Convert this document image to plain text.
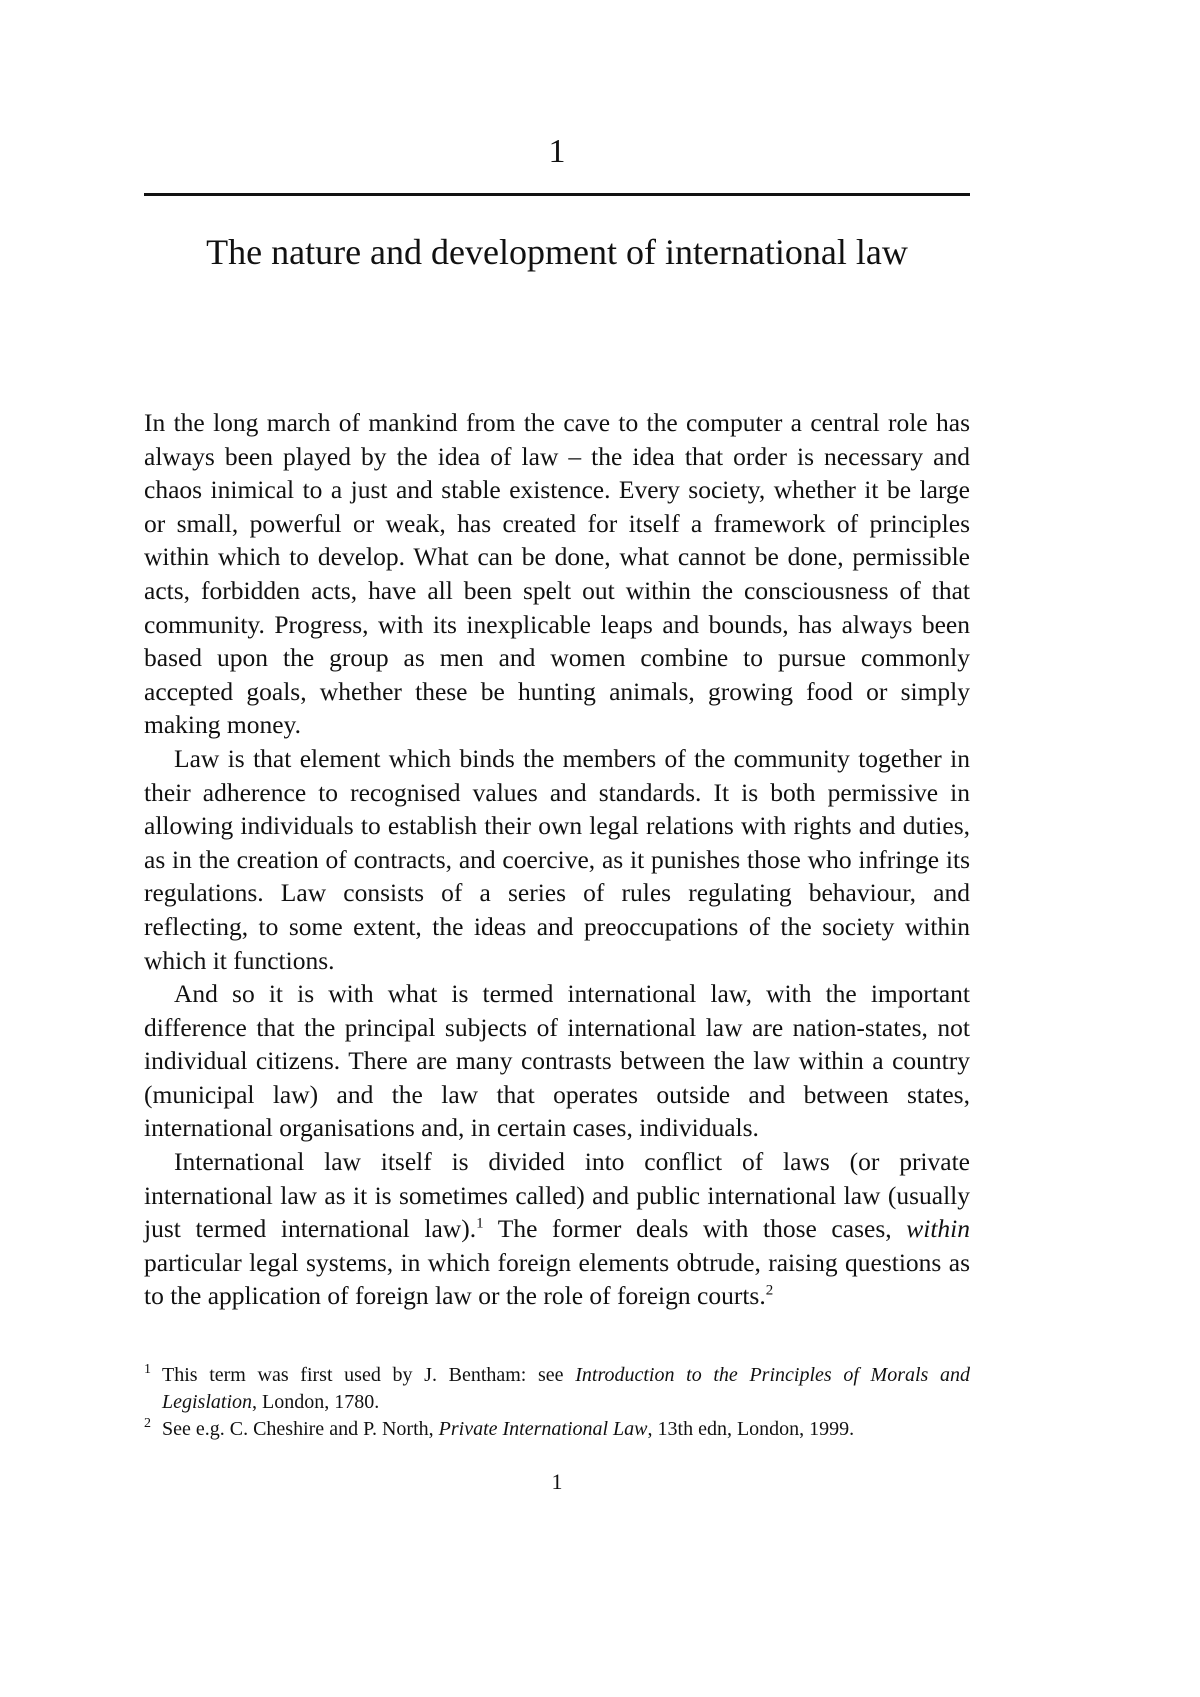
1
The nature and development of international law

In the long march of mankind from the cave to the computer a central role has always been played by the idea of law – the idea that order is necessary and chaos inimical to a just and stable existence. Every society, whether it be large or small, powerful or weak, has created for itself a framework of principles within which to develop. What can be done, what cannot be done, permissible acts, forbidden acts, have all been spelt out within the consciousness of that community. Progress, with its inexplicable leaps and bounds, has always been based upon the group as men and women combine to pursue commonly accepted goals, whether these be hunting animals, growing food or simply making money.

Law is that element which binds the members of the community together in their adherence to recognised values and standards. It is both permissive in allowing individuals to establish their own legal relations with rights and duties, as in the creation of contracts, and coercive, as it punishes those who infringe its regulations. Law consists of a series of rules regulating behaviour, and reflecting, to some extent, the ideas and preoccupations of the society within which it functions.

And so it is with what is termed international law, with the important difference that the principal subjects of international law are nation-states, not individual citizens. There are many contrasts between the law within a country (municipal law) and the law that operates outside and between states, international organisations and, in certain cases, individuals.

International law itself is divided into conflict of laws (or private international law as it is sometimes called) and public international law (usually just termed international law).$^1$ The former deals with those cases, within particular legal systems, in which foreign elements obtrude, raising questions as to the application of foreign law or the role of foreign courts.$^2$

1 This term was first used by J. Bentham: see Introduction to the Principles of Morals and Legislation, London, 1780.

2 See e.g. C. Cheshire and P. North, Private International Law, 13th edn, London, 1999.

1
